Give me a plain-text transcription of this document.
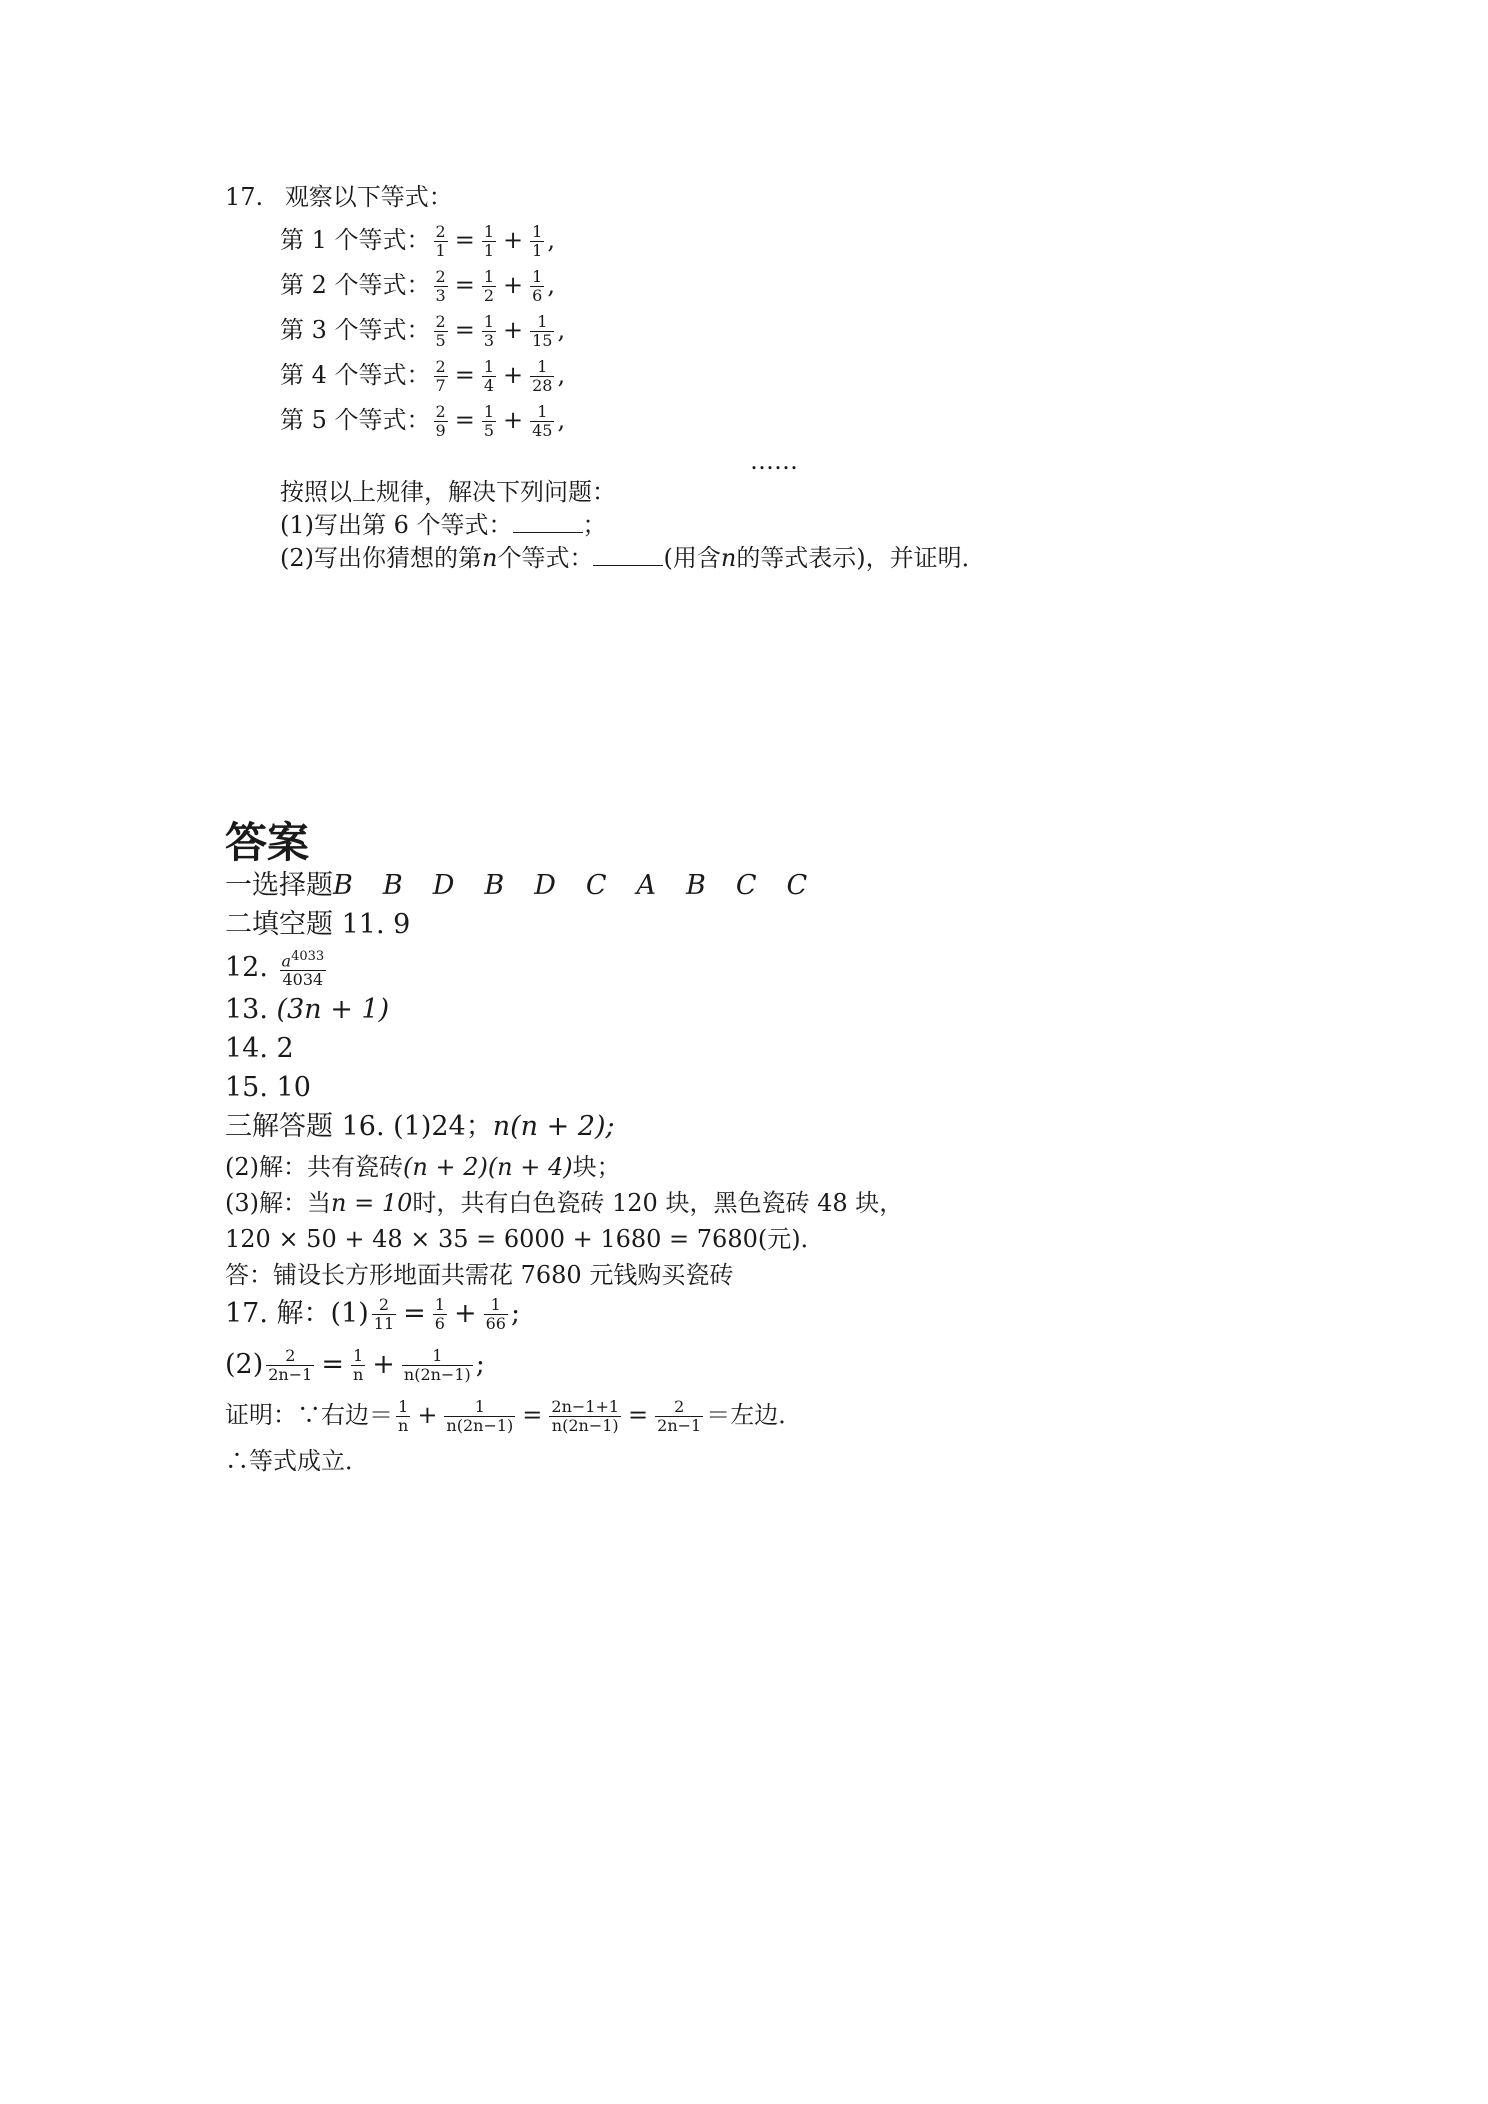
17. 观察以下等式：
第 1 个等式： $\frac{2}{1} = \frac{1}{1} + \frac{1}{1}$ ,
第 2 个等式： $\frac{2}{3} = \frac{1}{2} + \frac{1}{6}$ ,
第 3 个等式： $\frac{2}{5} = \frac{1}{3} + \frac{1}{15}$ ,
第 4 个等式： $\frac{2}{7} = \frac{1}{4} + \frac{1}{28}$ ,
第 5 个等式： $\frac{2}{9} = \frac{1}{5} + \frac{1}{45}$ ,
……
按照以上规律，解决下列问题：
(1)写出第 6 个等式：	；
(2)写出你猜想的第n个等式：	(用含n的等式表示)，并证明．
答案
一选择题B B D B D C A B C C
二填空题 11. 9
12. $\frac{a^{4033}}{4034}$
13. (3n + 1)
14. 2
15. 10
三解答题 16. (1)24；n(n + 2);
(2)解：共有瓷砖(n + 2)(n + 4)块；
(3)解：当n = 10时，共有白色瓷砖 120 块，黑色瓷砖 48 块，
120 × 50 + 48 × 35 = 6000 + 1680 = 7680(元)．
答：铺设长方形地面共需花 7680 元钱购买瓷砖
17. 解：$(1) \frac{2}{11} = \frac{1}{6} + \frac{1}{66}$ ;
$(2) \frac{2}{2n-1} = \frac{1}{n} + \frac{1}{n(2n-1)}$ ;
证明：∵右边＝ $\frac{1}{n} + \frac{1}{n(2n-1)} = \frac{2n-1+1}{n(2n-1)} = \frac{2}{2n-1}$ ＝左边．
∴等式成立．
